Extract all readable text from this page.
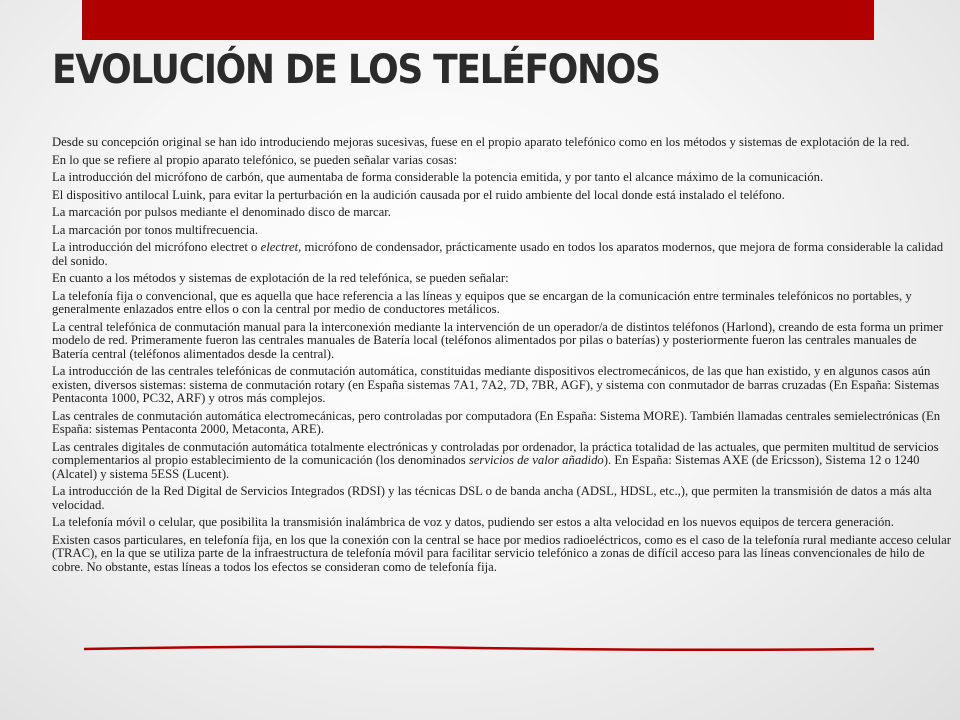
EVOLUCIÓN DE LOS TELÉFONOS

Desde su concepción original se han ido introduciendo mejoras sucesivas, fuese en el propio aparato telefónico como en los métodos y sistemas de explotación de la red.

En lo que se refiere al propio aparato telefónico, se pueden señalar varias cosas:

La introducción del micrófono de carbón, que aumentaba de forma considerable la potencia emitida, y por tanto el alcance máximo de la comunicación.

El dispositivo antilocal Luink, para evitar la perturbación en la audición causada por el ruido ambiente del local donde está instalado el teléfono.

La marcación por pulsos mediante el denominado disco de marcar.

La marcación por tonos multifrecuencia.

La introducción del micrófono electret o electret, micrófono de condensador, prácticamente usado en todos los aparatos modernos, que mejora de forma considerable la calidad del sonido.

En cuanto a los métodos y sistemas de explotación de la red telefónica, se pueden señalar:

La telefonía fija o convencional, que es aquella que hace referencia a las líneas y equipos que se encargan de la comunicación entre terminales telefónicos no portables, y generalmente enlazados entre ellos o con la central por medio de conductores metálicos.

La central telefónica de conmutación manual para la interconexión mediante la intervención de un operador/a de distintos teléfonos (Harlond), creando de esta forma un primer modelo de red. Primeramente fueron las centrales manuales de Batería local (teléfonos alimentados por pilas o baterías) y posteriormente fueron las centrales manuales de Batería central (teléfonos alimentados desde la central).

La introducción de las centrales telefónicas de conmutación automática, constituidas mediante dispositivos electromecánicos, de las que han existido, y en algunos casos aún existen, diversos sistemas: sistema de conmutación rotary (en España sistemas 7A1, 7A2, 7D, 7BR, AGF), y sistema con conmutador de barras cruzadas (En España: Sistemas Pentaconta 1000, PC32, ARF) y otros más complejos.

Las centrales de conmutación automática electromecánicas, pero controladas por computadora (En España: Sistema MORE). También llamadas centrales semielectrónicas (En España: sistemas Pentaconta 2000, Metaconta, ARE).

Las centrales digitales de conmutación automática totalmente electrónicas y controladas por ordenador, la práctica totalidad de las actuales, que permiten multitud de servicios complementarios al propio establecimiento de la comunicación (los denominados servicios de valor añadido). En España: Sistemas AXE (de Ericsson), Sistema 12 o 1240 (Alcatel) y sistema 5ESS (Lucent).

La introducción de la Red Digital de Servicios Integrados (RDSI) y las técnicas DSL o de banda ancha (ADSL, HDSL, etc.,), que permiten la transmisión de datos a más alta velocidad.

La telefonía móvil o celular, que posibilita la transmisión inalámbrica de voz y datos, pudiendo ser estos a alta velocidad en los nuevos equipos de tercera generación.

Existen casos particulares, en telefonía fija, en los que la conexión con la central se hace por medios radioeléctricos, como es el caso de la telefonía rural mediante acceso celular (TRAC), en la que se utiliza parte de la infraestructura de telefonía móvil para facilitar servicio telefónico a zonas de difícil acceso para las líneas convencionales de hilo de cobre. No obstante, estas líneas a todos los efectos se consideran como de telefonía fija.
